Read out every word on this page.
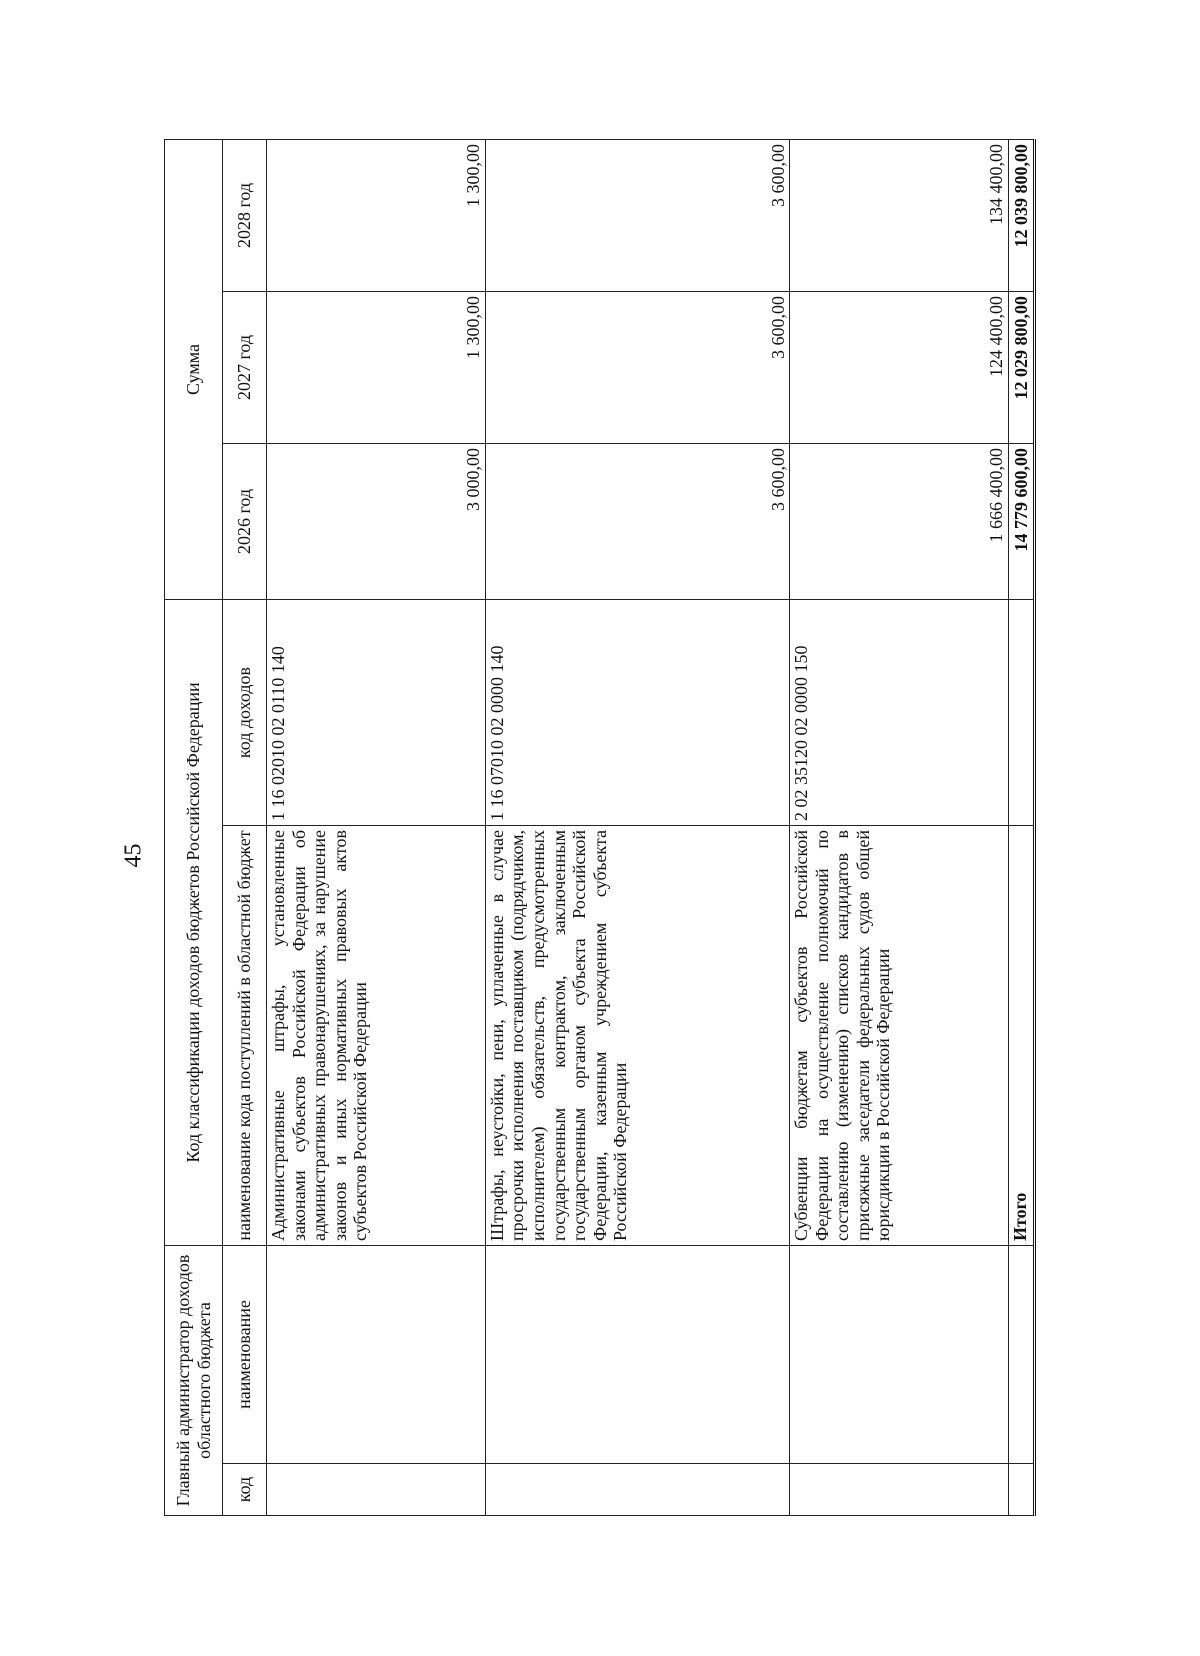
45
Главный администратор доходов областного бюджета		Код классификации доходов бюджетов Российской Федерации		Сумма		
код	наименование	наименование кода поступлений в областной бюджет	код доходов	2026 год	2027 год	2028 год
		Административные штрафы, установленные законами субъектов Российской Федерации об административных правонарушениях, за нарушение законов и иных нормативных правовых актов субъектов Российской Федерации	1 16 02010 02 0110 140	3 000,00	1 300,00	1 300,00
		Штрафы, неустойки, пени, уплаченные в случае просрочки исполнения поставщиком (подрядчиком, исполнителем) обязательств, предусмотренных государственным контрактом, заключенным государственным органом субъекта Российской Федерации, казенным учреждением субъекта Российской Федерации	1 16 07010 02 0000 140	3 600,00	3 600,00	3 600,00
		Субвенции бюджетам субъектов Российской Федерации на осуществление полномочий по составлению (изменению) списков кандидатов в присяжные заседатели федеральных судов общей юрисдикции в Российской Федерации	2 02 35120 02 0000 150	1 666 400,00	124 400,00	134 400,00
		Итого		14 779 600,00	12 029 800,00	12 039 800,00
